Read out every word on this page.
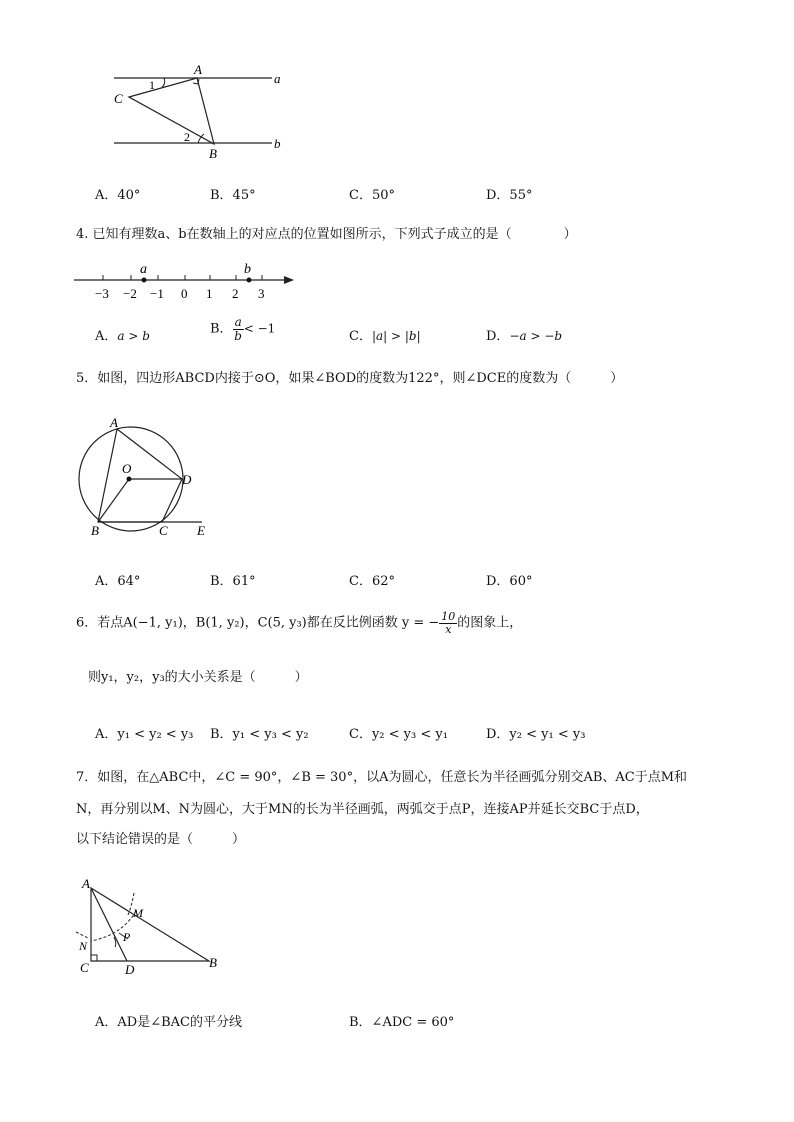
A
C
1
2
B
a
b
A．40°	B．45°	C．50°	D．55°
4. 已知有理数a、b在数轴上的对应点的位置如图所示，下列式子成立的是（　　　　）
a	b
−3 −2 −1 0 1 2 3
A．a > b	B． $\frac{a}{b} < -1$
C．|a| > |b|	D．−a > −b
5．如图，四边形ABCD内接于⊙O，如果∠BOD的度数为122°，则∠DCE的度数为（　　　）
A
O
D
B	C E
A．64°	B．61°	C．62°	D．60°
6．若点A(−1, y₁)，B(1, y₂)，C(5, y₃)都在反比例函数 y = − $\frac{10}{x}$ 的图象上，
则y₁，y₂，y₃的大小关系是（　　　）
A．y₁ < y₂ < y₃ B．y₁ < y₃ < y₂	C．y₂ < y₃ < y₁	D．y₂ < y₁ < y₃
7．如图，在△ABC中，∠C = 90°，∠B = 30°，以A为圆心，任意长为半径画弧分别交AB、AC于点M和
N，再分别以M、N为圆心，大于MN的长为半径画弧，两弧交于点P，连接AP并延长交BC于点D，
以下结论错误的是（　　　）
A
M
N
P
C	D	B
A．AD是∠BAC的平分线	B．∠ADC = 60°
